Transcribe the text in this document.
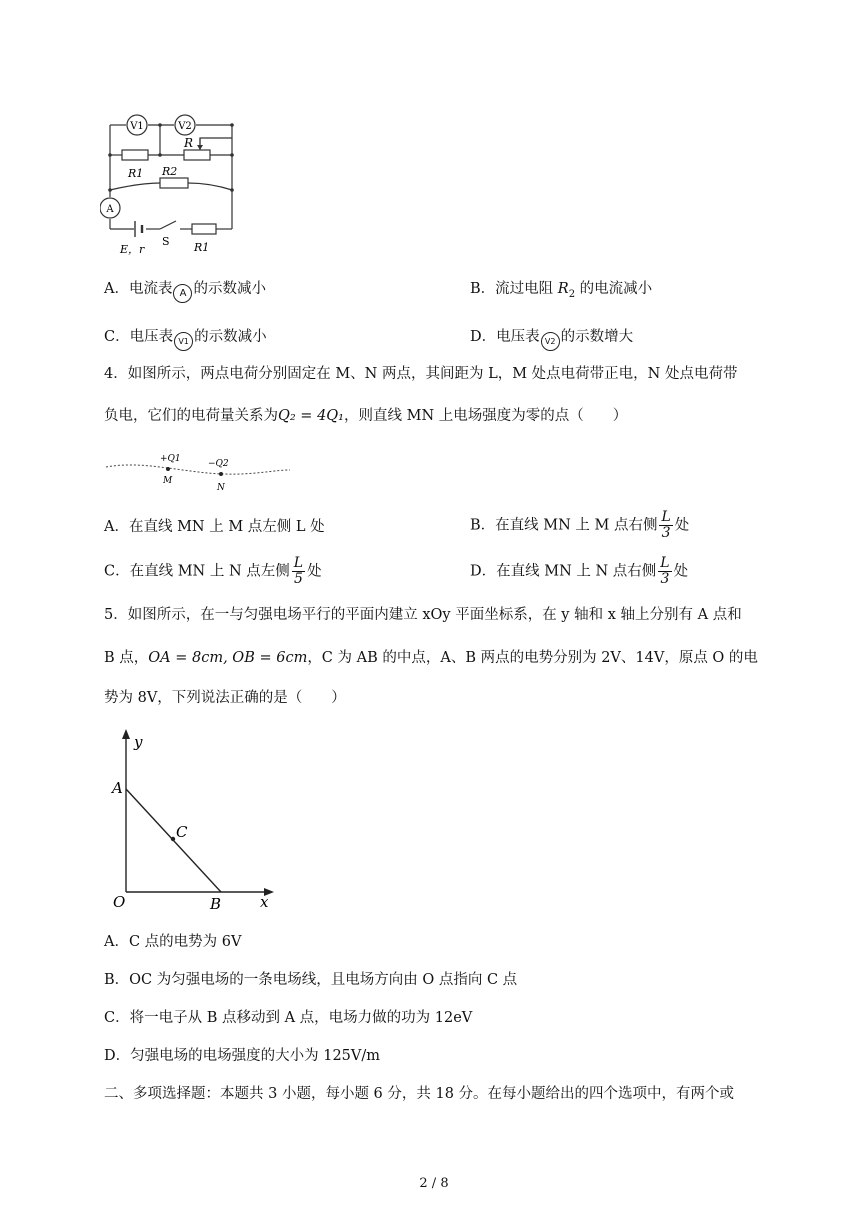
V1	V2
A
R1
R
R2
E，r
S R1
A．电流表 A 的示数减小	B．流过电阻 $R_2$ 的电流减小
C．电压表 V1 的示数减小	D．电压表 V2 的示数增大
4．如图所示，两点电荷分别固定在 M、N 两点，其间距为 L，M 处点电荷带正电，N 处点电荷带
负电，它们的电荷量关系为Q₂ = 4Q₁，则直线 MN 上电场强度为零的点（　　）
+Q1	−Q2
M
N
A．在直线 MN 上 M 点左侧 L 处	B．在直线 MN 上 M 点右侧 $\frac{L}{3}$ 处
C．在直线 MN 上 N 点左侧 $\frac{L}{5}$ 处	D．在直线 MN 上 N 点右侧 $\frac{L}{3}$ 处
5．如图所示，在一与匀强电场平行的平面内建立 xOy 平面坐标系，在 y 轴和 x 轴上分别有 A 点和
B 点，OA = 8cm, OB = 6cm，C 为 AB 的中点，A、B 两点的电势分别为 2V、14V，原点 O 的电
势为 8V，下列说法正确的是（　　）
y
x
A
C
O	B
A．C 点的电势为 6V
B．OC 为匀强电场的一条电场线，且电场方向由 O 点指向 C 点
C．将一电子从 B 点移动到 A 点，电场力做的功为 12eV
D．匀强电场的电场强度的大小为 125V/m
二、多项选择题：本题共 3 小题，每小题 6 分，共 18 分。在每小题给出的四个选项中，有两个或
2 / 8
